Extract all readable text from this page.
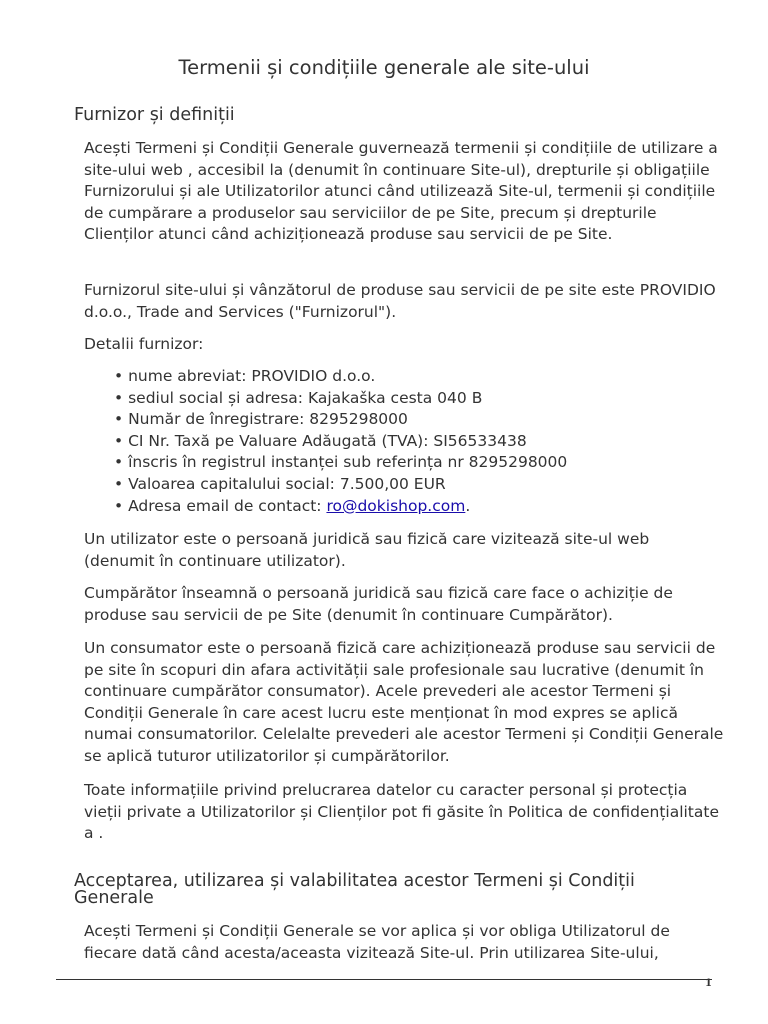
Termenii și condițiile generale ale site-ului
Furnizor și definiții

Acești Termeni și Condiții Generale guvernează termenii și condițiile de utilizare a site-ului web , accesibil la (denumit în continuare Site-ul), drepturile și obligațiile Furnizorului și ale Utilizatorilor atunci când utilizează Site-ul, termenii și condițiile de cumpărare a produselor sau serviciilor de pe Site, precum și drepturile Clienților atunci când achiziționează produse sau servicii de pe Site.

Furnizorul site-ului și vânzătorul de produse sau servicii de pe site este PROVIDIO d.o.o., Trade and Services ("Furnizorul").

Detalii furnizor:

• nume abreviat: PROVIDIO d.o.o.
• sediul social și adresa: Kajakaška cesta 040 B
• Număr de înregistrare: 8295298000
• CI Nr. Taxă pe Valuare Adăugată (TVA): SI56533438
• înscris în registrul instanței sub referința nr 8295298000
• Valoarea capitalului social: 7.500,00 EUR
• Adresa email de contact: ro@dokishop.com.

Un utilizator este o persoană juridică sau fizică care vizitează site-ul web (denumit în continuare utilizator).

Cumpărător înseamnă o persoană juridică sau fizică care face o achiziție de produse sau servicii de pe Site (denumit în continuare Cumpărător).

Un consumator este o persoană fizică care achiziționează produse sau servicii de pe site în scopuri din afara activității sale profesionale sau lucrative (denumit în continuare cumpărător consumator). Acele prevederi ale acestor Termeni și Condiții Generale în care acest lucru este menționat în mod expres se aplică numai consumatorilor. Celelalte prevederi ale acestor Termeni și Condiții Generale se aplică tuturor utilizatorilor și cumpărătorilor.

Toate informațiile privind prelucrarea datelor cu caracter personal și protecția vieții private a Utilizatorilor și Clienților pot fi găsite în Politica de confidențialitate a .

Acceptarea, utilizarea și valabilitatea acestor Termeni și Condiții Generale

Acești Termeni și Condiții Generale se vor aplica și vor obliga Utilizatorul de fiecare dată când acesta/aceasta vizitează Site-ul. Prin utilizarea Site-ului,

1
